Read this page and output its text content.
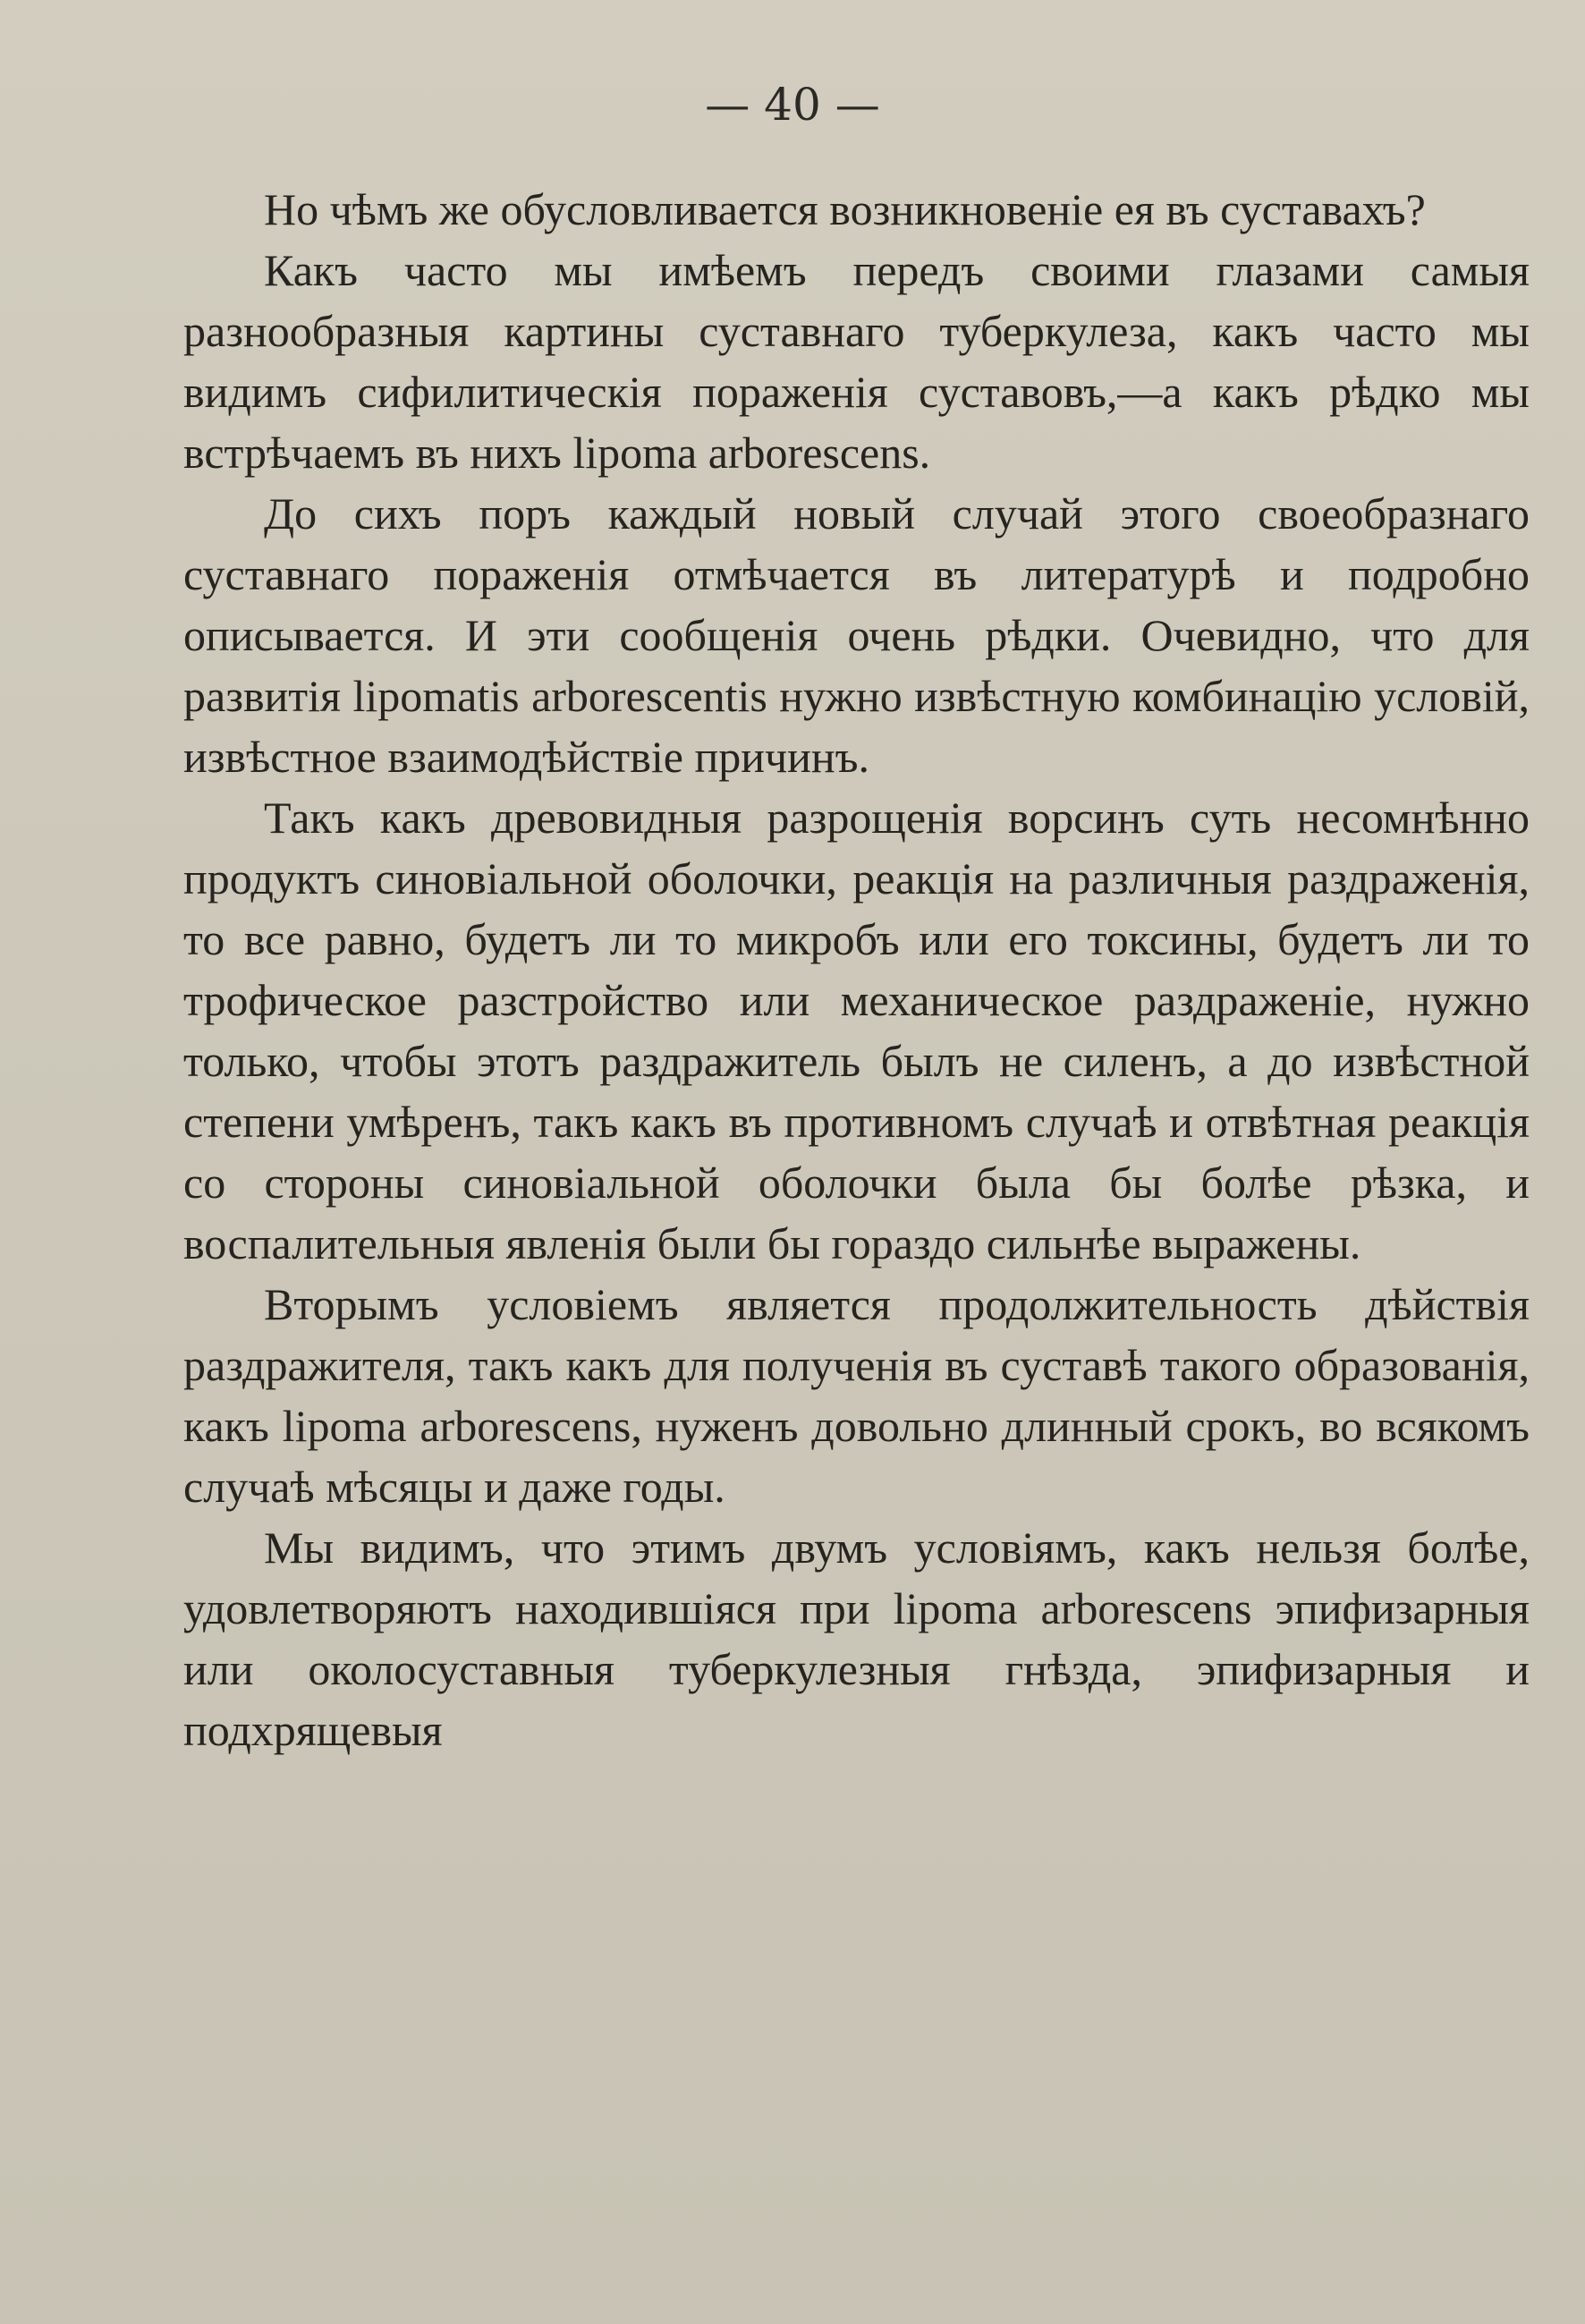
— 40 —

Но чѣмъ же обусловливается возникновенiе ея въ суставахъ?

Какъ часто мы имѣемъ передъ своими глазами самыя разнообразныя картины суставнаго туберкулеза, какъ часто мы видимъ сифилитическiя пораженiя суставовъ,—а какъ рѣдко мы встрѣчаемъ въ нихъ lipoma arborescens.

До сихъ поръ каждый новый случай этого своеобразнаго суставнаго пораженiя отмѣчается въ литературѣ и подробно описывается. И эти сообщенiя очень рѣдки. Очевидно, что для развитiя lipomatis arborescentis нужно извѣстную комбинацiю условiй, извѣстное взаимодѣйствiе причинъ.

Такъ какъ древовидныя разрощенiя ворсинъ суть несомнѣнно продуктъ синовiальной оболочки, реакцiя на различныя раздраженiя, то все равно, будетъ ли то микробъ или его токсины, будетъ ли то трофическое разстройство или механическое раздраженiе, нужно только, чтобы этотъ раздражитель былъ не силенъ, а до извѣстной степени умѣренъ, такъ какъ въ противномъ случаѣ и отвѣтная реакцiя со стороны синовiальной оболочки была бы болѣе рѣзка, и воспалительныя явленiя были бы гораздо сильнѣе выражены.

Вторымъ условiемъ является продолжительность дѣйствiя раздражителя, такъ какъ для полученiя въ суставѣ такого образованiя, какъ lipoma arborescens, нуженъ довольно длинный срокъ, во всякомъ случаѣ мѣсяцы и даже годы.

Мы видимъ, что этимъ двумъ условiямъ, какъ нельзя болѣе, удовлетворяютъ находившiяся при lipoma arborescens эпифизарныя или околосуставныя туберкулезныя гнѣзда, эпифизарныя и подхрящевыя
